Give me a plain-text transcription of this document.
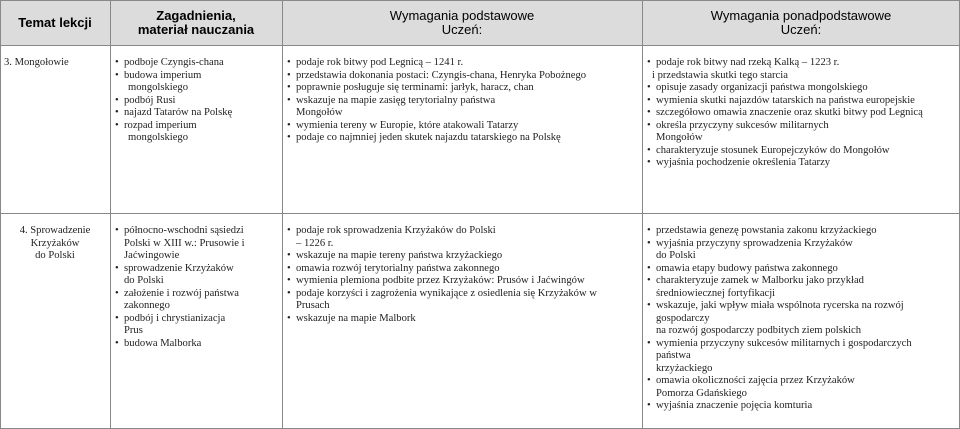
Temat lekcji	Zagadnienia,
materiał nauczania
Wymagania podstawowe
Uczeń:
Wymagania ponadpodstawowe
Uczeń:
3. Mongołowie
•	podboje Czyngis-chana
• budowa imperium
mongolskiego
• podbój Rusi
• najazd Tatarów na Polskę
• rozpad imperium
mongolskiego
• podaje rok bitwy pod Legnicą – 1241 r.
• przedstawia dokonania postaci: Czyngis-chana, Henryka Pobożnego
• poprawnie posługuje się terminami: jarłyk, haracz, chan
• wskazuje na mapie zasięg terytorialny państwa
Mongołów
• wymienia tereny w Europie, które atakowali Tatarzy
• podaje co najmniej jeden skutek najazdu tatarskiego na Polskę
• podaje rok bitwy nad rzeką Kalką – 1223 r.
i przedstawia skutki tego starcia
• opisuje zasady organizacji państwa mongolskiego
• wymienia skutki najazdów tatarskich na państwa europejskie
• szczegółowo omawia znaczenie oraz skutki bitwy pod Legnicą
• określa przyczyny sukcesów militarnych
Mongołów
• charakteryzuje stosunek Europejczyków do Mongołów
• wyjaśnia pochodzenie określenia Tatarzy
4. Sprowadzenie
Krzyżaków
do Polski
• północno-wschodni sąsiedzi
Polski w XIII w.: Prusowie i
Jaćwingowie
• sprowadzenie Krzyżaków
do Polski
• założenie i rozwój państwa
zakonnego
• podbój i chrystianizacja
Prus
• budowa Malborka
• podaje rok sprowadzenia Krzyżaków do Polski
– 1226 r.
• wskazuje na mapie tereny państwa krzyżackiego
• omawia rozwój terytorialny państwa zakonnego
• wymienia plemiona podbite przez Krzyżaków: Prusów i Jaćwingów
• podaje korzyści i zagrożenia wynikające z osiedlenia się Krzyżaków w
Prusach
• wskazuje na mapie Malbork
• przedstawia genezę powstania zakonu krzyżackiego
• wyjaśnia przyczyny sprowadzenia Krzyżaków
do Polski
• omawia etapy budowy państwa zakonnego
• charakteryzuje zamek w Malborku jako przykład
średniowiecznej fortyfikacji
• wskazuje, jaki wpływ miała wspólnota rycerska na rozwój gospodarczy
na rozwój gospodarczy podbitych ziem polskich
• wymienia przyczyny sukcesów militarnych i gospodarczych
państwa
krzyżackiego
• omawia okoliczności zajęcia przez Krzyżaków
Pomorza Gdańskiego
• wyjaśnia znaczenie pojęcia komturia
